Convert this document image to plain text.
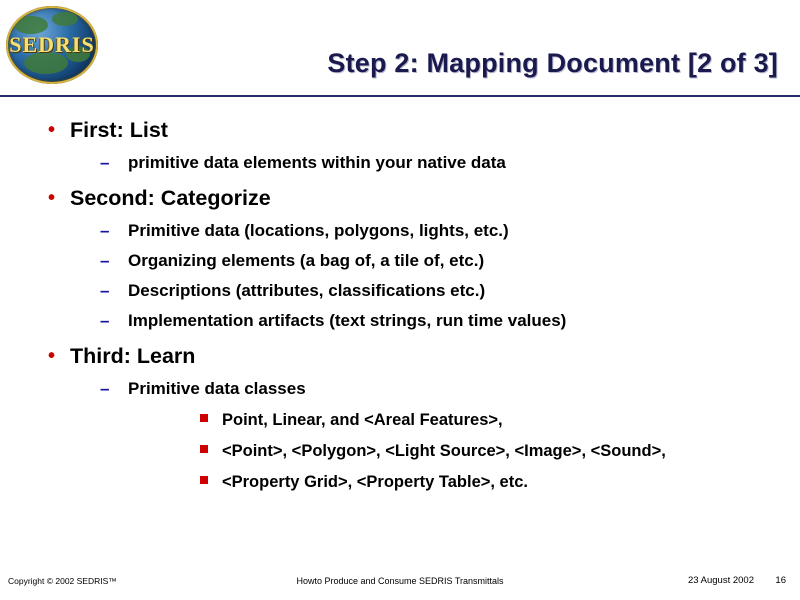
SEDRIS
Step 2: Mapping Document [2 of 3]
• First: List
– primitive data elements within your native data
• Second: Categorize
– Primitive data (locations, polygons, lights, etc.)
– Organizing elements (a bag of, a tile of, etc.)
– Descriptions (attributes, classifications etc.)
– Implementation artifacts (text strings, run time values)
• Third: Learn
– Primitive data classes
Point, Linear, and <Areal Features>,
<Point>, <Polygon>, <Light Source>, <Image>, <Sound>,
<Property Grid>, <Property Table>, etc.
Copyright © 2002 SEDRIS™	Howto Produce and Consume SEDRIS Transmittals	23 August 2002 16
